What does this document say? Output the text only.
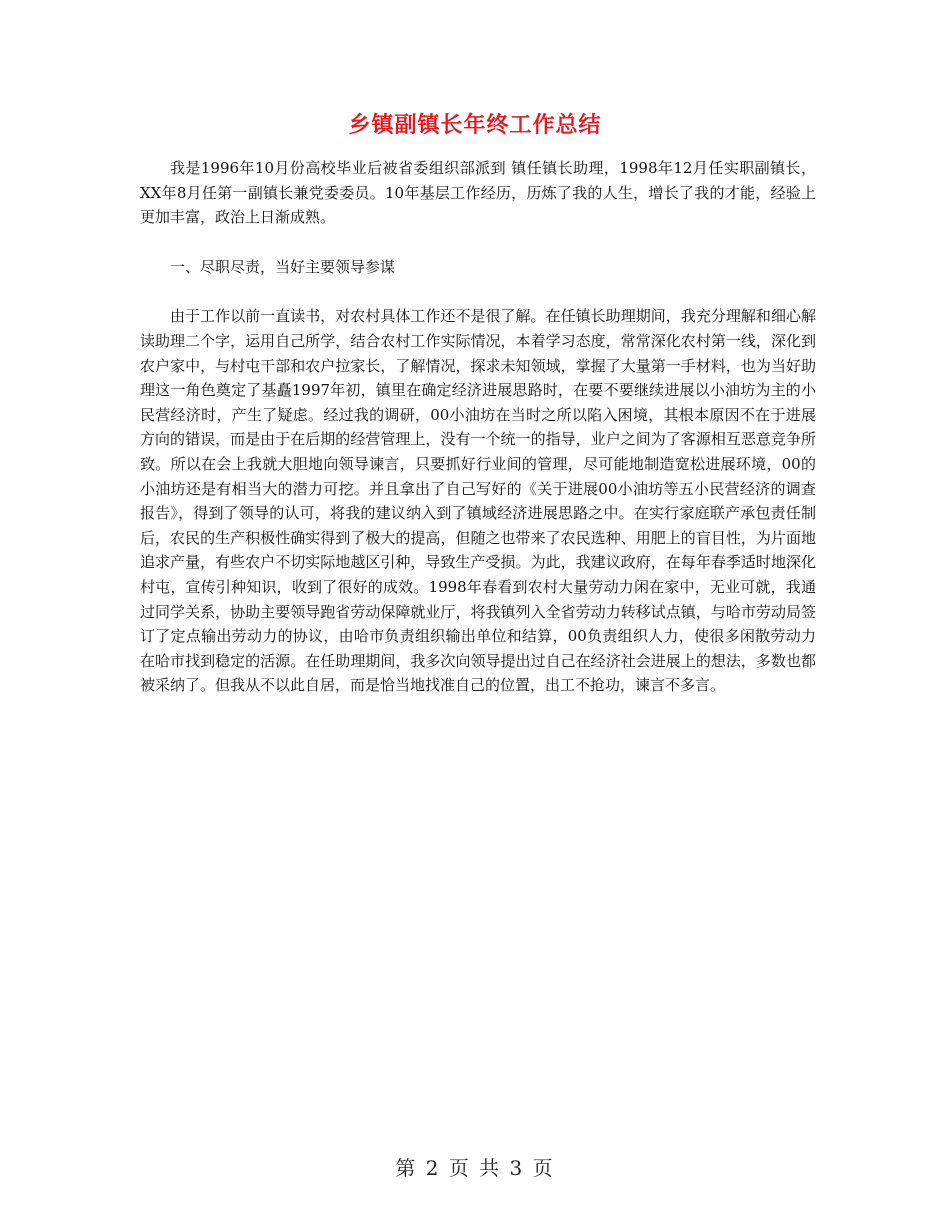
乡镇副镇长年终工作总结

我是1996年10月份高校毕业后被省委组织部派到 镇任镇长助理，1998年12月任实职副镇长，XX年8月任第一副镇长兼党委委员。10年基层工作经历，历炼了我的人生，增长了我的才能，经验上更加丰富，政治上日渐成熟。

一、尽职尽责，当好主要领导参谋

由于工作以前一直读书，对农村具体工作还不是很了解。在任镇长助理期间，我充分理解和细心解读助理二个字，运用自己所学，结合农村工作实际情况，本着学习态度，常常深化农村第一线，深化到农户家中，与村屯干部和农户拉家长，了解情况，探求未知领域，掌握了大量第一手材料，也为当好助理这一角色奠定了基矗1997年初，镇里在确定经济进展思路时，在要不要继续进展以小油坊为主的小民营经济时，产生了疑虑。经过我的调研，00小油坊在当时之所以陷入困境，其根本原因不在于进展方向的错误，而是由于在后期的经营管理上，没有一个统一的指导，业户之间为了客源相互恶意竞争所致。所以在会上我就大胆地向领导谏言，只要抓好行业间的管理，尽可能地制造宽松进展环境，00的小油坊还是有相当大的潜力可挖。并且拿出了自己写好的《关于进展00小油坊等五小民营经济的调查报告》，得到了领导的认可，将我的建议纳入到了镇域经济进展思路之中。在实行家庭联产承包责任制后，农民的生产积极性确实得到了极大的提高，但随之也带来了农民选种、用肥上的盲目性，为片面地追求产量，有些农户不切实际地越区引种，导致生产受损。为此，我建议政府，在每年春季适时地深化村屯，宣传引种知识，收到了很好的成效。1998年春看到农村大量劳动力闲在家中，无业可就，我通过同学关系，协助主要领导跑省劳动保障就业厅，将我镇列入全省劳动力转移试点镇，与哈市劳动局签订了定点输出劳动力的协议，由哈市负责组织输出单位和结算，00负责组织人力，使很多闲散劳动力在哈市找到稳定的活源。在任助理期间，我多次向领导提出过自己在经济社会进展上的想法，多数也都被采纳了。但我从不以此自居，而是恰当地找准自己的位置，出工不抢功，谏言不多言。

第 2 页 共 3 页
